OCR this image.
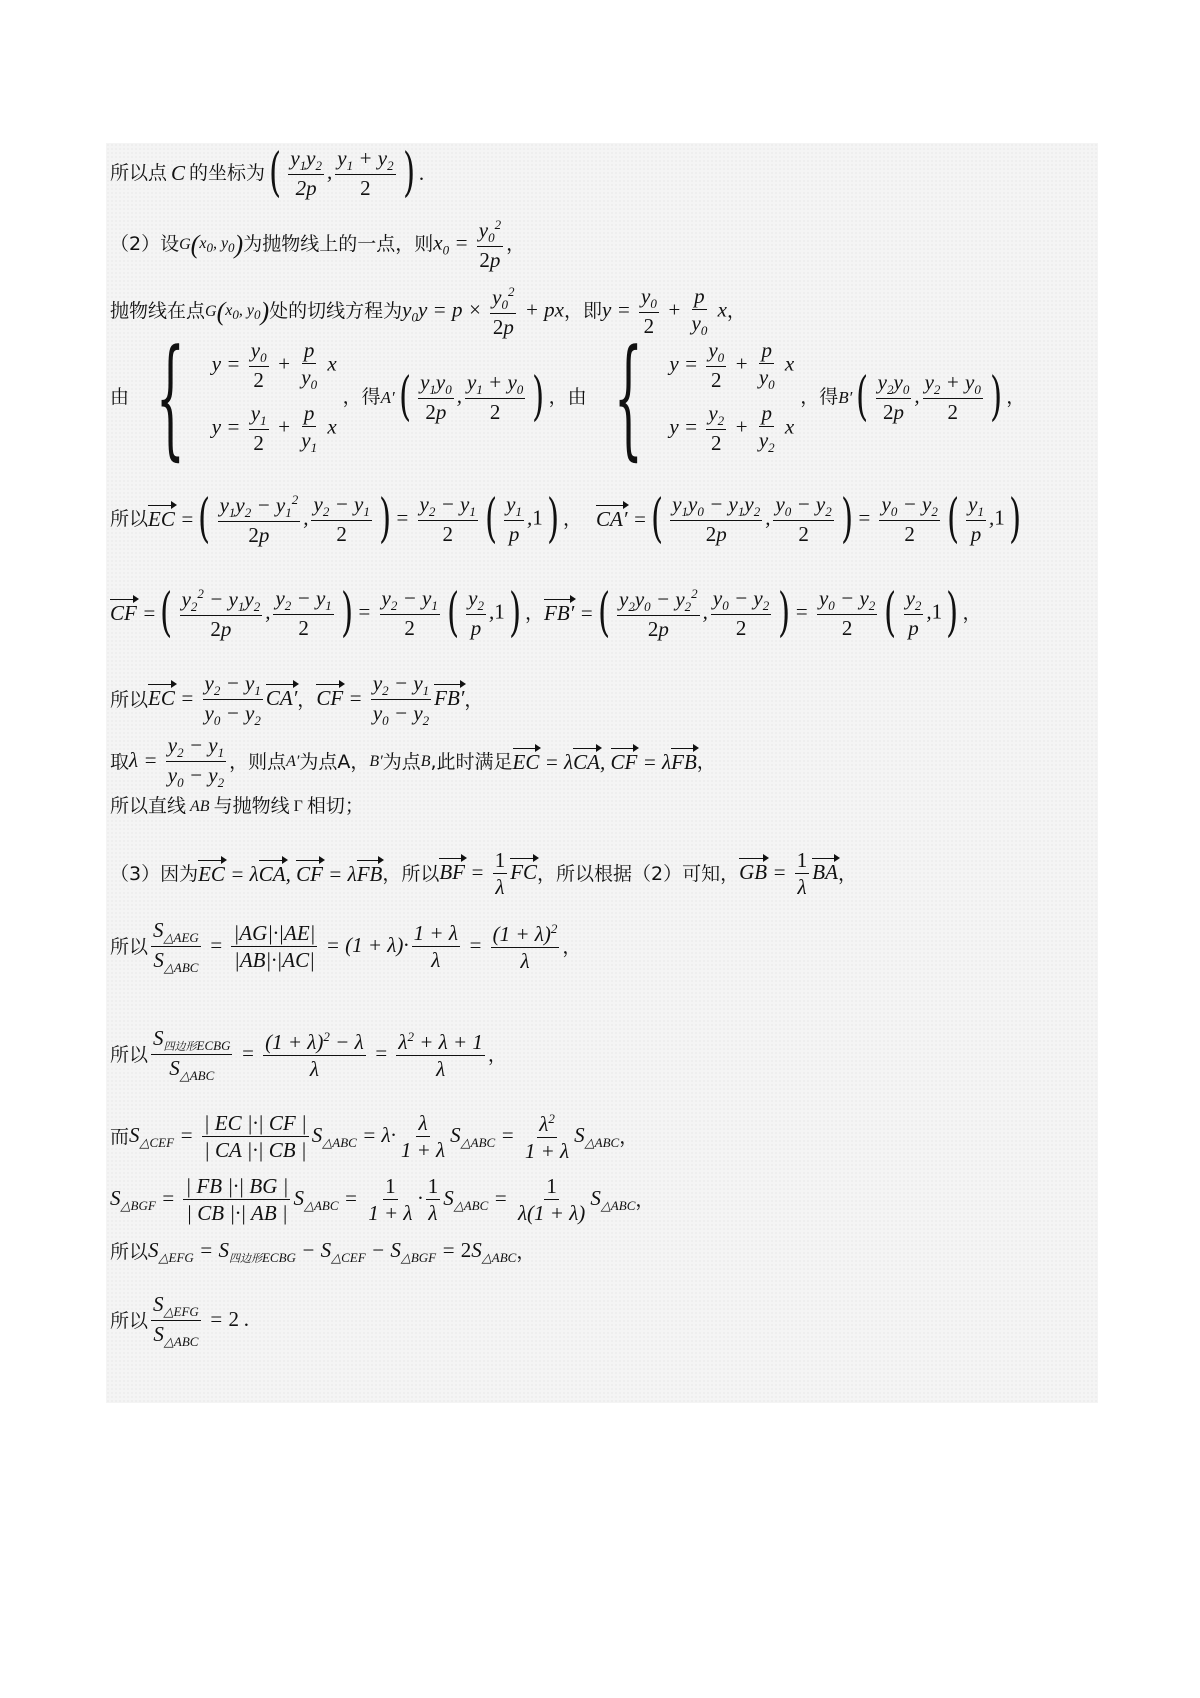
所以点 C 的坐标为 ( $\frac{y_1y_2}{2p}$ , $\frac{y_1 + y_2}{2}$ ) .
（2）设 G ( $x_0$, $y_0$ ) 为抛物线上的一点，则 $x_0 = \frac{y_0^2}{2p}$ ，
抛物线在点 G ( $x_0$, $y_0$ ) 处的切线方程为 $y_0y = p \times \frac{y_0^2}{2p}$ + px ，即 $y = \frac{y_0}{2} + \frac{p}{y_0}$ x ，
由 { $y = \frac{y_0}{2} + \frac{p}{y_0}$ x
$y = \frac{y_1}{2} + \frac{p}{y_1}$ x
，得 A′ ( $\frac{y_1y_0}{2p}$ , $\frac{y_1 + y_0}{2}$ ) ，由 { $y = \frac{y_0}{2} + \frac{p}{y_0}$ x
$y = \frac{y_2}{2} + \frac{p}{y_2}$ x
，得 B′ ( $\frac{y_2y_0}{2p}$ , $\frac{y_2 + y_0}{2}$ ) ，
所以 EC = ( $\frac{y_1y_2 - y_1^2}{2p}$ , $\frac{y_2 - y_1}{2}$ ) = $\frac{y_2 - y_1}{2}$ ( $\frac{y_1}{p} ,1$ ) ， CA′ = ( $\frac{y_1y_0 - y_1y_2}{2p}$ , $\frac{y_0 - y_2}{2}$ ) = $\frac{y_0 - y_2}{2}$ ( $\frac{y_1}{p} ,1$ )
CF = ( $\frac{y_2^2 - y_1y_2}{2p}$ , $\frac{y_2 - y_1}{2}$ ) = $\frac{y_2 - y_1}{2}$ ( $\frac{y_2}{p} ,1$ ) ， FB′ = ( $\frac{y_2y_0 - y_2^2}{2p}$ , $\frac{y_0 - y_2}{2}$ ) = $\frac{y_0 - y_2}{2}$ ( $\frac{y_2}{p} ,1$ ) ，
所以 EC = $\frac{y_2 - y_1}{y_0 - y_2} CA'$ ， CF = $\frac{y_2 - y_1}{y_0 - y_2} FB'$ ，
取 $\lambda = \frac{y_2 - y_1}{y_0 - y_2}$ ，则点 A′ 为点A， B′ 为点 B ,此时满足 EC = λCA, CF = λFB ，
所以直线 AB 与抛物线 Γ 相切；
（3）因为 EC = λCA, CF = λFB ，所以 BF = $\frac{1}{\lambda}$ FC ，所以根据（2）可知， GB = $\frac{1}{\lambda}$ BA ，
所以 $\frac{S_{\triangle AEG}}{S_{\triangle ABC}} = \frac{|AG|\cdot|AE|}{|AB|\cdot|AC|} = (1 + \lambda)\cdot \frac{1 + \lambda}{\lambda} = \frac{(1 + \lambda)^2}{\lambda}$ ，
所以 $\frac{S_{四边形ECBG}}{S_{\triangle ABC}} = \frac{(1 + \lambda)^2 - \lambda}{\lambda} = \frac{\lambda^2 + \lambda + 1}{\lambda}$ ，
而 $S_{\triangle CEF} = \frac{| EC |\cdot| CF |}{| CA |\cdot| CB |} S_{\triangle ABC} = \lambda\cdot \frac{\lambda}{1 + \lambda} S_{\triangle ABC} = \frac{\lambda^2}{1 + \lambda} S_{\triangle ABC}$ ，
$S_{\triangle BGF} = \frac{| FB |\cdot| BG |}{| CB |\cdot| AB |} S_{\triangle ABC} = \frac{1}{1 + \lambda} \cdot \frac{1}{\lambda} S_{\triangle ABC} = \frac{1}{\lambda(1 + \lambda)} S_{\triangle ABC}$ ，
所以 $S_{\triangle EFG} = S_{四边形ECBG} - S_{\triangle CEF} - S_{\triangle BGF} = 2S_{\triangle ABC}$ ，
所以 $\frac{S_{\triangle EFG}}{S_{\triangle ABC}} = 2$ .
